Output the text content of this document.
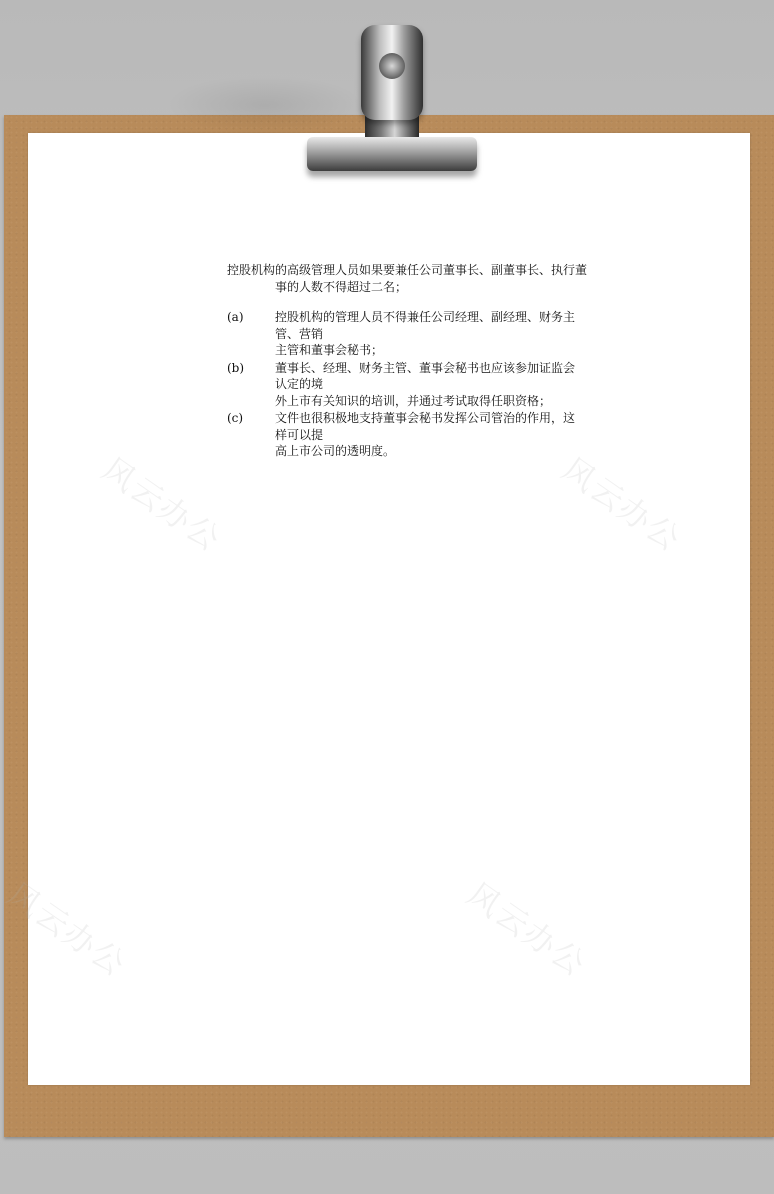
风云办公	风云办公
风云办公	风云办公
控股机构的高级管理人员如果要兼任公司董事长、副董事长、执行董
事的人数不得超过二名；
(a)	控股机构的管理人员不得兼任公司经理、副经理、财务主管、营销
主管和董事会秘书；
(b)	董事长、经理、财务主管、董事会秘书也应该参加证监会认定的境
外上市有关知识的培训，并通过考试取得任职资格；
(c)	文件也很积极地支持董事会秘书发挥公司管治的作用，这样可以提
高上市公司的透明度。
